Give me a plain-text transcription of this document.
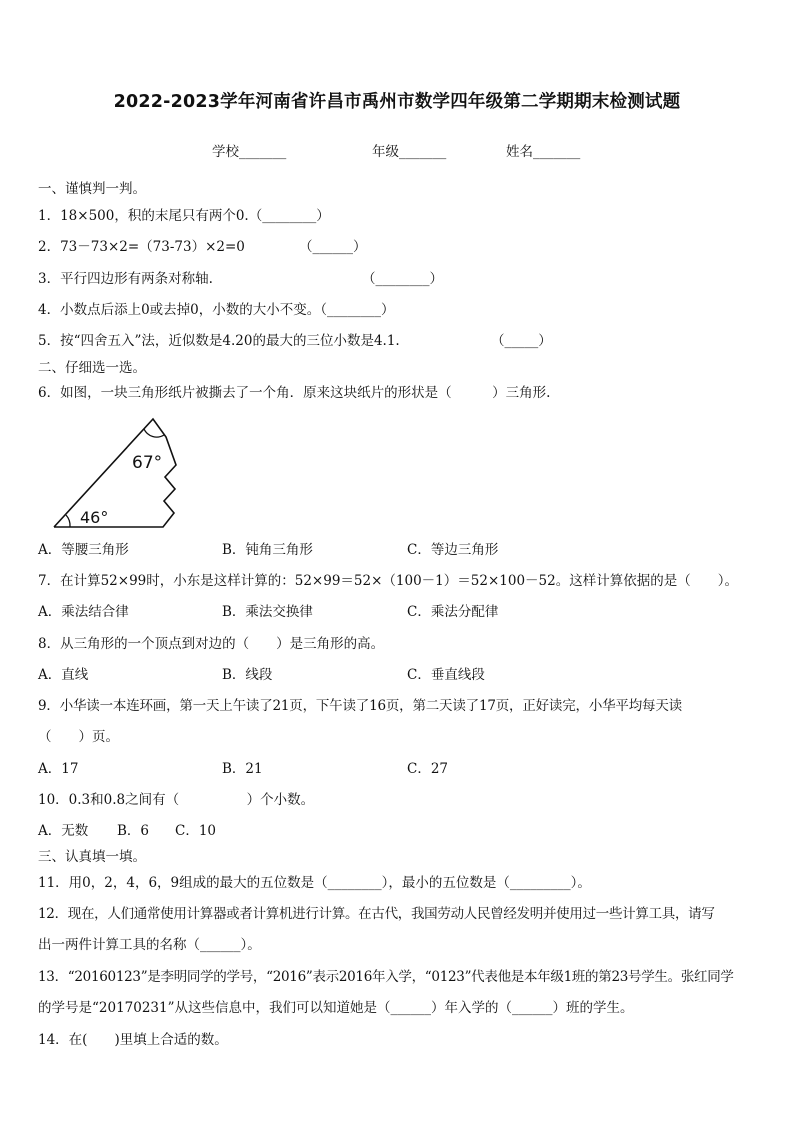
2022-2023学年河南省许昌市禹州市数学四年级第二学期期末检测试题
学校_______	年级_______	姓名_______
一、谨慎判一判。
1．18×500，积的末尾只有两个0.（________）
2．73－73×2=（73-73）×2=0	（______）
3．平行四边形有两条对称轴.	（________）
4．小数点后添上0或去掉0，小数的大小不变。（________）
5．按“四舍五入”法，近似数是4.20的最大的三位小数是4.1.	（_____）
二、仔细选一选。
6．如图，一块三角形纸片被撕去了一个角．原来这块纸片的形状是（　　　）三角形.
67°
46°
A．等腰三角形	B．钝角三角形	C．等边三角形
7．在计算52×99时，小东是这样计算的：52×99＝52×（100－1）＝52×100－52。这样计算依据的是（　　）。
A．乘法结合律	B．乘法交换律	C．乘法分配律
8．从三角形的一个顶点到对边的（　　）是三角形的高。
A．直线	B．线段	C．垂直线段
9．小华读一本连环画，第一天上午读了21页，下午读了16页，第二天读了17页，正好读完，小华平均每天读
（　　）页。
A．17	B．21	C．27
10．0.3和0.8之间有（　　　　　）个小数。
A．无数 B．6 C．10
三、认真填一填。
11．用0，2，4，6，9组成的最大的五位数是（________），最小的五位数是（_________）。
12．现在，人们通常使用计算器或者计算机进行计算。在古代，我国劳动人民曾经发明并使用过一些计算工具，请写
出一两件计算工具的名称（______）。
13．“20160123”是李明同学的学号，“2016”表示2016年入学，“0123”代表他是本年级1班的第23号学生。张红同学
的学号是“20170231”从这些信息中，我们可以知道她是（______）年入学的（______）班的学生。
14．在(　　)里填上合适的数。
